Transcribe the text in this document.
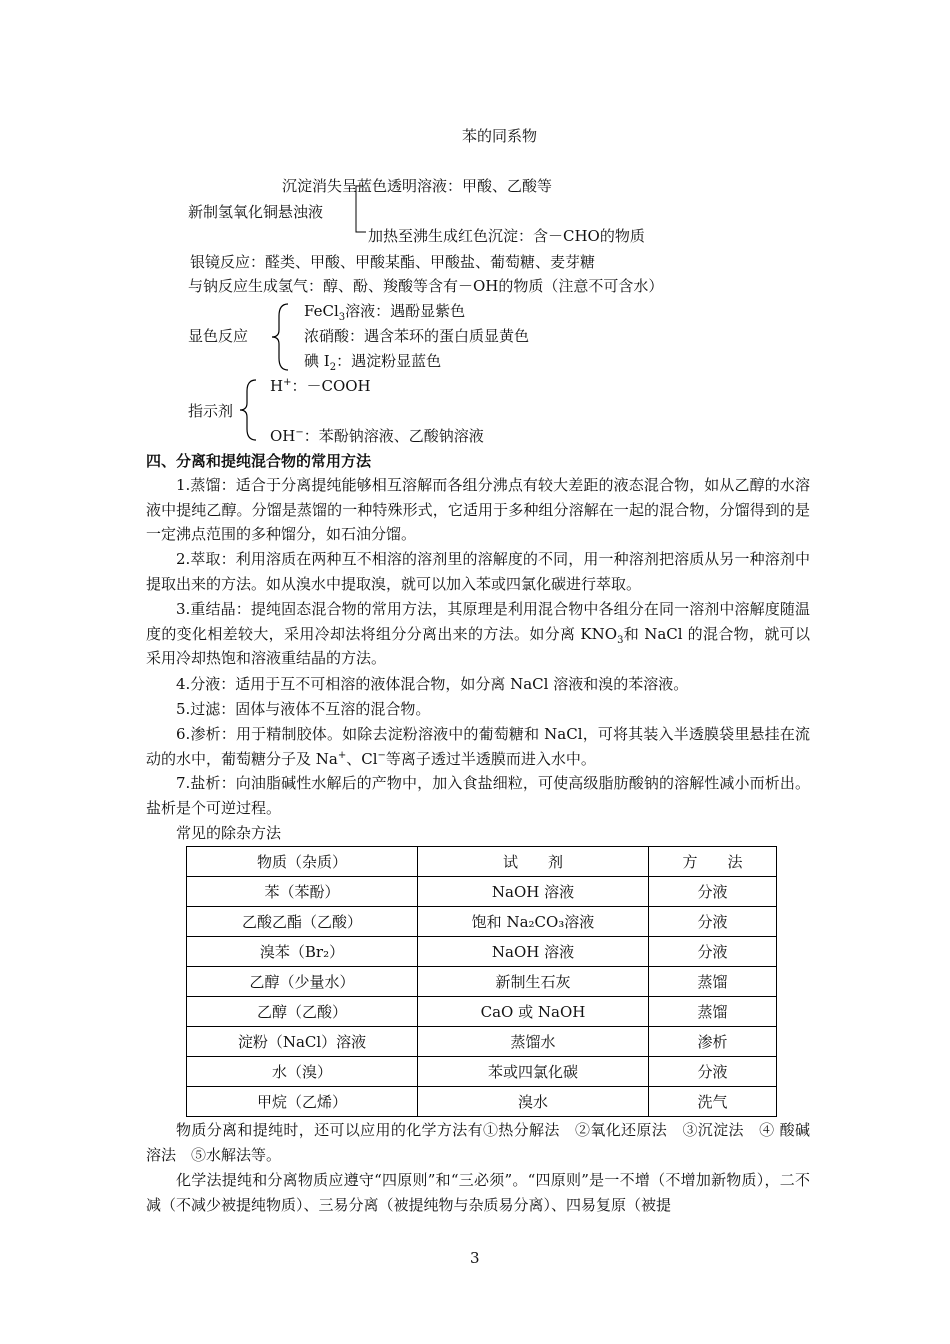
苯的同系物
沉淀消失呈蓝色透明溶液：甲酸、乙酸等
新制氢氧化铜悬浊液
加热至沸生成红色沉淀：含－CHO的物质
银镜反应：醛类、甲酸、甲酸某酯、甲酸盐、葡萄糖、麦芽糖
与钠反应生成氢气：醇、酚、羧酸等含有－OH的物质（注意不可含水）
FeCl$_3$溶液：遇酚显紫色
显色反应	浓硝酸：遇含苯环的蛋白质显黄色
碘 $I_2$：遇淀粉显蓝色
H+：－COOH
指示剂
OH−：苯酚钠溶液、乙酸钠溶液
四、分离和提纯混合物的常用方法
1.蒸馏：适合于分离提纯能够相互溶解而各组分沸点有较大差距的液态混合物，如从乙醇的水溶液中提纯乙醇。分馏是蒸馏的一种特殊形式，它适用于多种组分溶解在一起的混合物，分馏得到的是一定沸点范围的多种馏分，如石油分馏。
2.萃取：利用溶质在两种互不相溶的溶剂里的溶解度的不同，用一种溶剂把溶质从另一种溶剂中提取出来的方法。如从溴水中提取溴，就可以加入苯或四氯化碳进行萃取。
3.重结晶：提纯固态混合物的常用方法，其原理是利用混合物中各组分在同一溶剂中溶解度随温度的变化相差较大，采用冷却法将组分分离出来的方法。如分离 $KNO_3$和 NaCl 的混合物，就可以采用冷却热饱和溶液重结晶的方法。
4.分液：适用于互不可相溶的液体混合物，如分离 NaCl 溶液和溴的苯溶液。
5.过滤：固体与液体不互溶的混合物。
6.渗析：用于精制胶体。如除去淀粉溶液中的葡萄糖和 NaCl，可将其装入半透膜袋里悬挂在流动的水中，葡萄糖分子及 Na+、Cl−等离子透过半透膜而进入水中。
7.盐析：向油脂碱性水解后的产物中，加入食盐细粒，可使高级脂肪酸钠的溶解性减小而析出。盐析是个可逆过程。
常见的除杂方法
物质（杂质）	试　　剂	方　　法
苯（苯酚）	NaOH 溶液	分液
乙酸乙酯（乙酸）	饱和 Na₂CO₃溶液	分液
溴苯（Br₂）	NaOH 溶液	分液
乙醇（少量水）	新制生石灰	蒸馏
乙醇（乙酸）	CaO 或 NaOH	蒸馏
淀粉（NaCl）溶液	蒸馏水	渗析
水（溴）	苯或四氯化碳	分液
甲烷（乙烯）	溴水	洗气
物质分离和提纯时，还可以应用的化学方法有①热分解法　②氧化还原法　③沉淀法　④ 酸碱溶法　⑤水解法等。
化学法提纯和分离物质应遵守“四原则”和“三必须”。“四原则”是一不增（不增加新物质），二不减（不减少被提纯物质）、三易分离（被提纯物与杂质易分离）、四易复原（被提
3
